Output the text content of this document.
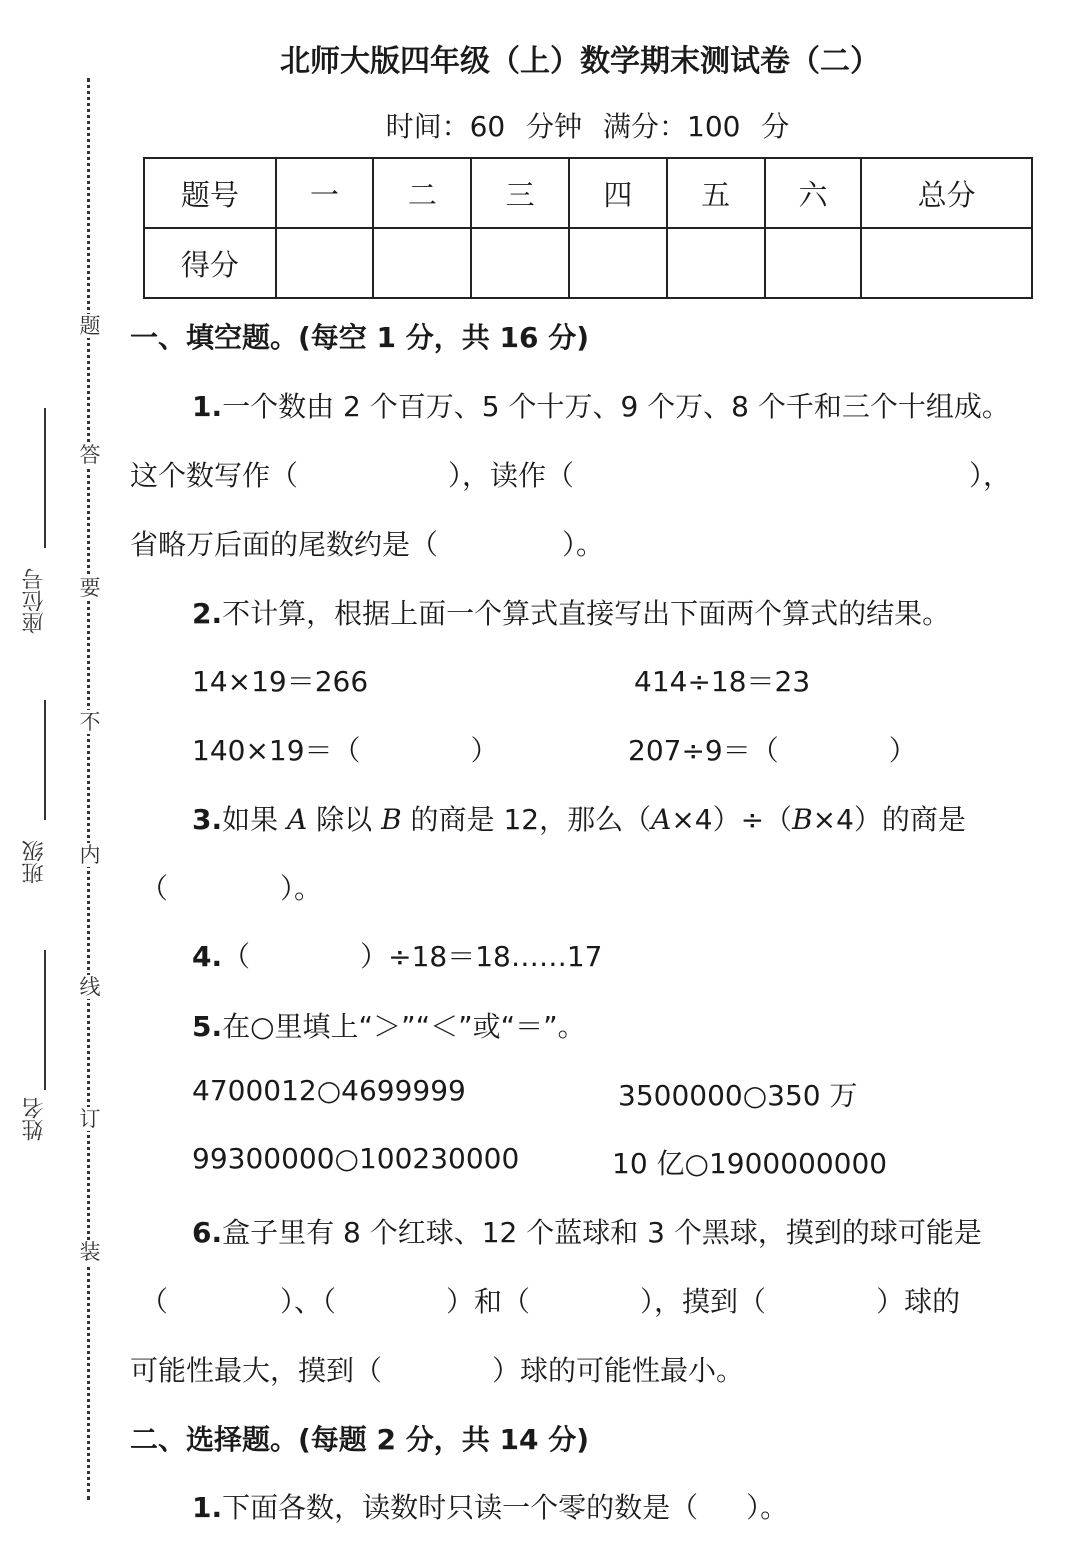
题
答
要
不
内
线
订
装
座位号
班级
姓名
北师大版四年级（上）数学期末测试卷（二）
时间：60 分钟 满分：100 分
题号	一	二	三	四	五	六	总分
得分							
一、填空题。(每空 1 分，共 16 分)
1.一个数由 2 个百万、5 个十万、9 个万、8 个千和三个十组成。
这个数写作（	），读作（	），
省略万后面的尾数约是（	）。
2.不计算，根据上面一个算式直接写出下面两个算式的结果。
14×19＝266	414÷18＝23
140×19＝（	）	207÷9＝（	）
3.如果 A 除以 B 的商是 12，那么（A×4）÷（B×4）的商是
（	）。
4.（	）÷18＝18……17
5.在○里填上“＞”“＜”或“＝”。
4700012○4699999	3500000○350 万
99300000○100230000	10 亿○1900000000
6.盒子里有 8 个红球、12 个蓝球和 3 个黑球，摸到的球可能是
（	）、（	）和（	），摸到（	）球的
可能性最大，摸到（	）球的可能性最小。
二、选择题。(每题 2 分，共 14 分)
1.下面各数，读数时只读一个零的数是（ ）。
